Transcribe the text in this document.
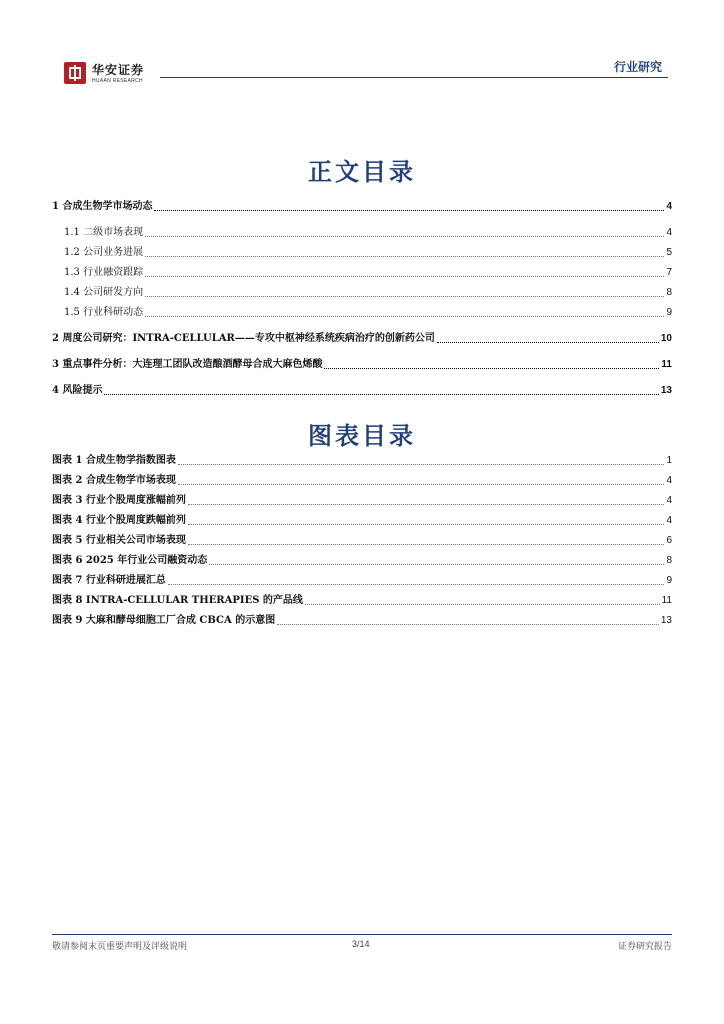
华安证券
HUAAN RESEARCH
行业研究
正文目录
1 合成生物学市场动态	4
1.1 二级市场表现	4
1.2 公司业务进展	5
1.3 行业融资跟踪	7
1.4 公司研发方向	8
1.5 行业科研动态	9
2 周度公司研究：INTRA-CELLULAR——专攻中枢神经系统疾病治疗的创新药公司	10
3 重点事件分析：大连理工团队改造酿酒酵母合成大麻色烯酸	11
4 风险提示	13
图表目录
图表 1 合成生物学指数图表	1
图表 2 合成生物学市场表现	4
图表 3 行业个股周度涨幅前列	4
图表 4 行业个股周度跌幅前列	4
图表 5 行业相关公司市场表现	6
图表 6 2025 年行业公司融资动态	8
图表 7 行业科研进展汇总	9
图表 8 INTRA-CELLULAR THERAPIES 的产品线	11
图表 9 大麻和酵母细胞工厂合成 CBCA 的示意图	13
敬请参阅末页重要声明及评级说明	3/14	证券研究报告
